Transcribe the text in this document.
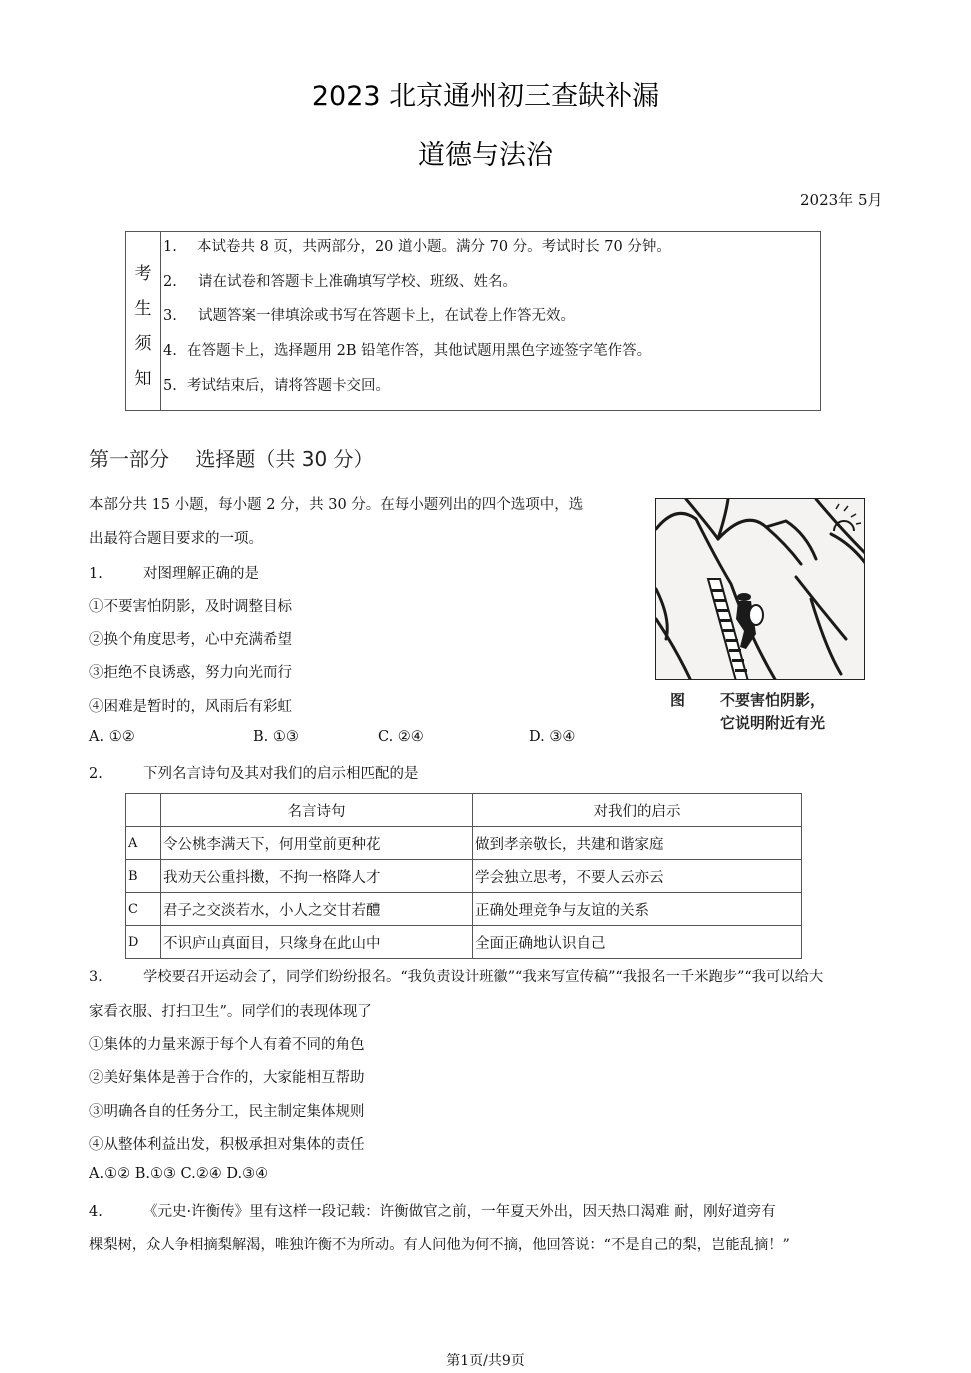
2023 北京通州初三查缺补漏
道德与法治
2023年 5月
考
生
须
知
1. 本试卷共 8 页，共两部分，20 道小题。满分 70 分。考试时长 70 分钟。
2. 请在试卷和答题卡上准确填写学校、班级、姓名。
3. 试题答案一律填涂或书写在答题卡上，在试卷上作答无效。
4. 在答题卡上，选择题用 2B 铅笔作答，其他试题用黑色字迹签字笔作答。
5. 考试结束后，请将答题卡交回。
第一部分　 选择题（共 30 分）
本部分共 15 小题，每小题 2 分，共 30 分。在每小题列出的四个选项中，选
出最符合题目要求的一项。
1.	对图理解正确的是
①不要害怕阴影，及时调整目标
②换个角度思考，心中充满希望
③拒绝不良诱惑，努力向光而行
④困难是暂时的，风雨后有彩虹
A. ①②	B. ①③	C. ②④	D. ③④
图 不要害怕阴影，
它说明附近有光
2.	下列名言诗句及其对我们的启示相匹配的是
	名言诗句	对我们的启示
A	令公桃李满天下，何用堂前更种花	做到孝亲敬长，共建和谐家庭
B	我劝天公重抖擞，不拘一格降人才	学会独立思考，不要人云亦云
C	君子之交淡若水，小人之交甘若醴	正确处理竞争与友谊的关系
D	不识庐山真面目，只缘身在此山中	全面正确地认识自己
3.	学校要召开运动会了，同学们纷纷报名。“我负责设计班徽”“我来写宣传稿”“我报名一千米跑步”“我可以给大
家看衣服、打扫卫生”。同学们的表现体现了
①集体的力量来源于每个人有着不同的角色
②美好集体是善于合作的，大家能相互帮助
③明确各自的任务分工，民主制定集体规则
④从整体利益出发，积极承担对集体的责任
A.①② B.①③ C.②④ D.③④
4.	《元史·许衡传》里有这样一段记载：许衡做官之前，一年夏天外出，因天热口渴难 耐，刚好道旁有
棵梨树，众人争相摘梨解渴，唯独许衡不为所动。有人问他为何不摘，他回答说：“不是自己的梨，岂能乱摘！”
第1页/共9页
